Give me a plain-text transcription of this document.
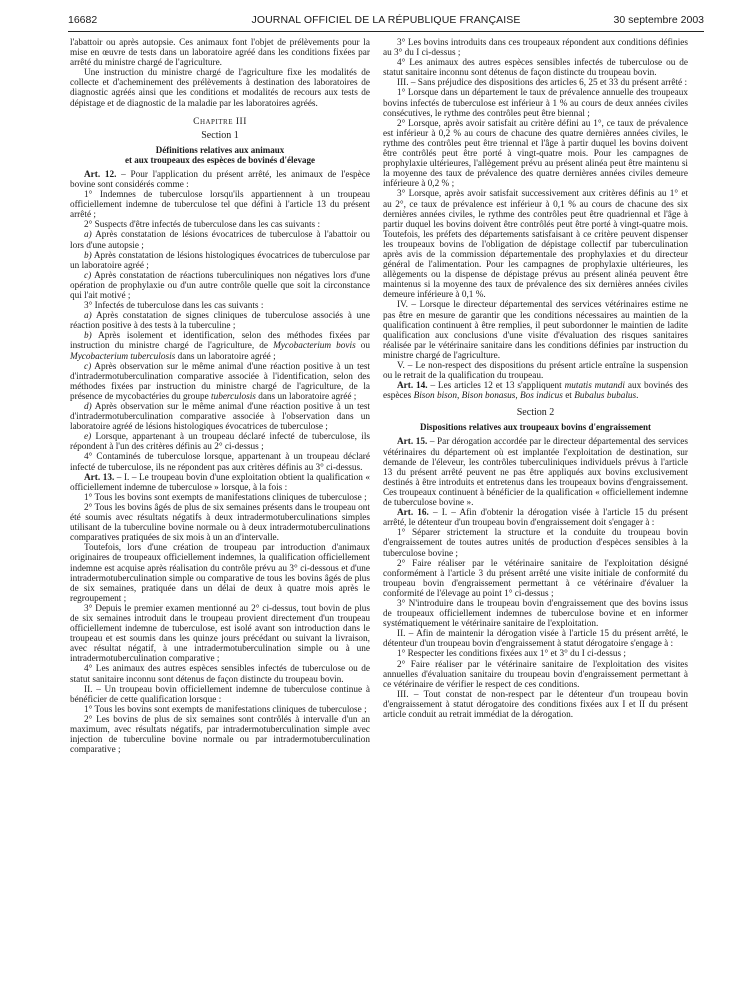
16682	JOURNAL OFFICIEL DE LA RÉPUBLIQUE FRANÇAISE	30 septembre 2003

l'abattoir ou après autopsie. Ces animaux font l'objet de prélèvements pour la mise en œuvre de tests dans un laboratoire agréé dans les conditions fixées par arrêté du ministre chargé de l'agriculture.

Une instruction du ministre chargé de l'agriculture fixe les modalités de collecte et d'acheminement des prélèvements à destination des laboratoires de diagnostic agréés ainsi que les conditions et modalités de recours aux tests de dépistage et de diagnostic de la maladie par les laboratoires agréés.

Chapitre III
Section 1
Définitions relatives aux animaux
et aux troupeaux des espèces de bovinés d'élevage

Art. 12. – Pour l'application du présent arrêté, les animaux de l'espèce bovine sont considérés comme :

1° Indemnes de tuberculose lorsqu'ils appartiennent à un troupeau officiellement indemne de tuberculose tel que défini à l'article 13 du présent arrêté ;

2° Suspects d'être infectés de tuberculose dans les cas suivants :

a) Après constatation de lésions évocatrices de tuberculose à l'abattoir ou lors d'une autopsie ;

b) Après constatation de lésions histologiques évocatrices de tuberculose par un laboratoire agréé ;

c) Après constatation de réactions tuberculiniques non négatives lors d'une opération de prophylaxie ou d'un autre contrôle quelle que soit la circonstance qui l'ait motivé ;

3° Infectés de tuberculose dans les cas suivants :

a) Après constatation de signes cliniques de tuberculose associés à une réaction positive à des tests à la tuberculine ;

b) Après isolement et identification, selon des méthodes fixées par instruction du ministre chargé de l'agriculture, de Mycobacterium bovis ou Mycobacterium tuberculosis dans un laboratoire agréé ;

c) Après observation sur le même animal d'une réaction positive à un test d'intradermotuberculination comparative associée à l'identification, selon des méthodes fixées par instruction du ministre chargé de l'agriculture, de la présence de mycobactéries du groupe tuberculosis dans un laboratoire agréé ;

d) Après observation sur le même animal d'une réaction positive à un test d'intradermotuberculination comparative associée à l'observation dans un laboratoire agréé de lésions histologiques évocatrices de tuberculose ;

e) Lorsque, appartenant à un troupeau déclaré infecté de tuberculose, ils répondent à l'un des critères définis au 2° ci-dessus ;

4° Contaminés de tuberculose lorsque, appartenant à un troupeau déclaré infecté de tuberculose, ils ne répondent pas aux critères définis au 3° ci-dessus.

Art. 13. – I. – Le troupeau bovin d'une exploitation obtient la qualification « officiellement indemne de tuberculose » lorsque, à la fois :

1° Tous les bovins sont exempts de manifestations cliniques de tuberculose ;

2° Tous les bovins âgés de plus de six semaines présents dans le troupeau ont été soumis avec résultats négatifs à deux intradermotuberculinations simples utilisant de la tuberculine bovine normale ou à deux intradermotuberculinations comparatives pratiquées de six mois à un an d'intervalle.

Toutefois, lors d'une création de troupeau par introduction d'animaux originaires de troupeaux officiellement indemnes, la qualification officiellement indemne est acquise après réalisation du contrôle prévu au 3° ci-dessous et d'une intradermotuberculination simple ou comparative de tous les bovins âgés de plus de six semaines, pratiquée dans un délai de deux à quatre mois après le regroupement ;

3° Depuis le premier examen mentionné au 2° ci-dessus, tout bovin de plus de six semaines introduit dans le troupeau provient directement d'un troupeau officiellement indemne de tuberculose, est isolé avant son introduction dans le troupeau et est soumis dans les quinze jours précédant ou suivant la livraison, avec résultat négatif, à une intradermotuberculination simple ou à une intradermotuberculination comparative ;

4° Les animaux des autres espèces sensibles infectés de tuberculose ou de statut sanitaire inconnu sont détenus de façon distincte du troupeau bovin.

II. – Un troupeau bovin officiellement indemne de tuberculose continue à bénéficier de cette qualification lorsque :

1° Tous les bovins sont exempts de manifestations cliniques de tuberculose ;

2° Les bovins de plus de six semaines sont contrôlés à intervalle d'un an maximum, avec résultats négatifs, par intradermotuberculination simple avec injection de tuberculine bovine normale ou par intradermotuberculination comparative ;

3° Les bovins introduits dans ces troupeaux répondent aux conditions définies au 3° du I ci-dessus ;

4° Les animaux des autres espèces sensibles infectés de tuberculose ou de statut sanitaire inconnu sont détenus de façon distincte du troupeau bovin.

III. – Sans préjudice des dispositions des articles 6, 25 et 33 du présent arrêté :

1° Lorsque dans un département le taux de prévalence annuelle des troupeaux bovins infectés de tuberculose est inférieur à 1 % au cours de deux années civiles consécutives, le rythme des contrôles peut être biennal ;

2° Lorsque, après avoir satisfait au critère défini au 1°, ce taux de prévalence est inférieur à 0,2 % au cours de chacune des quatre dernières années civiles, le rythme des contrôles peut être triennal et l'âge à partir duquel les bovins doivent être contrôlés peut être porté à vingt-quatre mois. Pour les campagnes de prophylaxie ultérieures, l'allègement prévu au présent alinéa peut être maintenu si la moyenne des taux de prévalence des quatre dernières années civiles demeure inférieure à 0,2 % ;

3° Lorsque, après avoir satisfait successivement aux critères définis au 1° et au 2°, ce taux de prévalence est inférieur à 0,1 % au cours de chacune des six dernières années civiles, le rythme des contrôles peut être quadriennal et l'âge à partir duquel les bovins doivent être contrôlés peut être porté à vingt-quatre mois. Toutefois, les préfets des départements satisfaisant à ce critère peuvent dispenser les troupeaux bovins de l'obligation de dépistage collectif par tuberculination après avis de la commission départementale des prophylaxies et du directeur général de l'alimentation. Pour les campagnes de prophylaxie ultérieures, les allègements ou la dispense de dépistage prévus au présent alinéa peuvent être maintenus si la moyenne des taux de prévalence des six dernières années civiles demeure inférieure à 0,1 %.

IV. – Lorsque le directeur départemental des services vétérinaires estime ne pas être en mesure de garantir que les conditions nécessaires au maintien de la qualification continuent à être remplies, il peut subordonner le maintien de ladite qualification aux conclusions d'une visite d'évaluation des risques sanitaires réalisée par le vétérinaire sanitaire dans les conditions définies par instruction du ministre chargé de l'agriculture.

V. – Le non-respect des dispositions du présent article entraîne la suspension ou le retrait de la qualification du troupeau.

Art. 14. – Les articles 12 et 13 s'appliquent mutatis mutandi aux bovinés des espèces Bison bison, Bison bonasus, Bos indicus et Bubalus bubalus.

Section 2
Dispositions relatives aux troupeaux bovins d'engraissement

Art. 15. – Par dérogation accordée par le directeur départemental des services vétérinaires du département où est implantée l'exploitation de destination, sur demande de l'éleveur, les contrôles tuberculiniques individuels prévus à l'article 13 du présent arrêté peuvent ne pas être appliqués aux bovins exclusivement destinés à être introduits et entretenus dans les troupeaux bovins d'engraissement. Ces troupeaux continuent à bénéficier de la qualification « officiellement indemne de tuberculose bovine ».

Art. 16. – I. – Afin d'obtenir la dérogation visée à l'article 15 du présent arrêté, le détenteur d'un troupeau bovin d'engraissement doit s'engager à :

1° Séparer strictement la structure et la conduite du troupeau bovin d'engraissement de toutes autres unités de production d'espèces sensibles à la tuberculose bovine ;

2° Faire réaliser par le vétérinaire sanitaire de l'exploitation désigné conformément à l'article 3 du présent arrêté une visite initiale de conformité du troupeau bovin d'engraissement permettant à ce vétérinaire d'évaluer la conformité de l'élevage au point 1° ci-dessus ;

3° N'introduire dans le troupeau bovin d'engraissement que des bovins issus de troupeaux officiellement indemnes de tuberculose bovine et en informer systématiquement le vétérinaire sanitaire de l'exploitation.

II. – Afin de maintenir la dérogation visée à l'article 15 du présent arrêté, le détenteur d'un troupeau bovin d'engraissement à statut dérogatoire s'engage à :

1° Respecter les conditions fixées aux 1° et 3° du I ci-dessus ;

2° Faire réaliser par le vétérinaire sanitaire de l'exploitation des visites annuelles d'évaluation sanitaire du troupeau bovin d'engraissement permettant à ce vétérinaire de vérifier le respect de ces conditions.

III. – Tout constat de non-respect par le détenteur d'un troupeau bovin d'engraissement à statut dérogatoire des conditions fixées aux I et II du présent article conduit au retrait immédiat de la dérogation.
